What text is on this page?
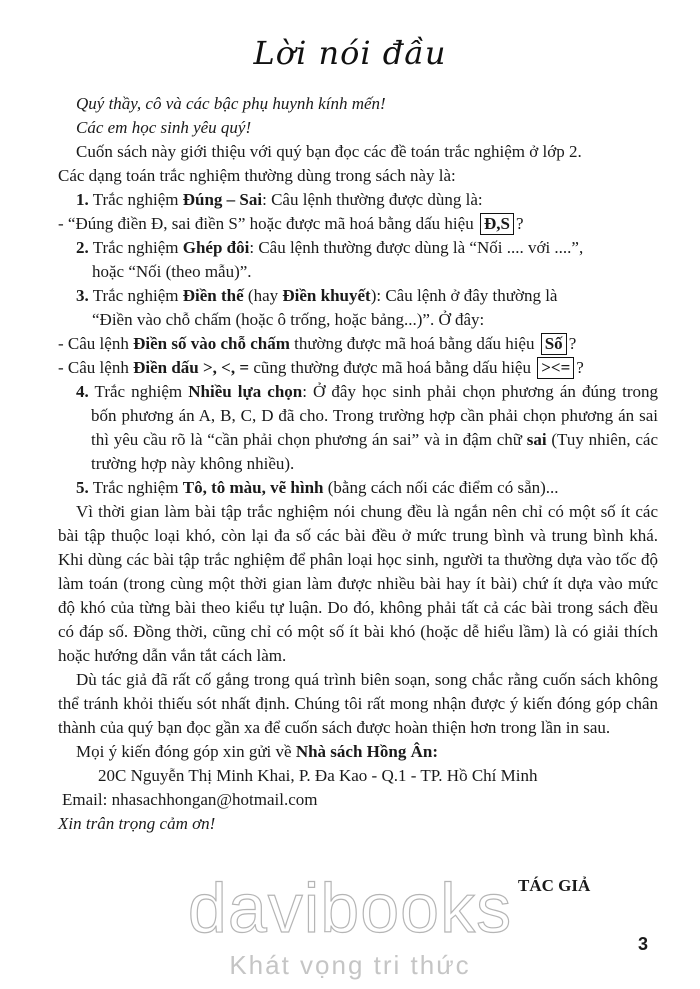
Lời nói đầu

Quý thầy, cô và các bậc phụ huynh kính mến!

Các em học sinh yêu quý!

Cuốn sách này giới thiệu với quý bạn đọc các đề toán trắc nghiệm ở lớp 2.

Các dạng toán trắc nghiệm thường dùng trong sách này là:

1. Trắc nghiệm Đúng – Sai: Câu lệnh thường được dùng là:

- “Đúng điền Đ, sai điền S” hoặc được mã hoá bằng dấu hiệu Đ,S ?

2. Trắc nghiệm Ghép đôi: Câu lệnh thường được dùng là “Nối .... với ....”,

hoặc “Nối (theo mẫu)”.

3. Trắc nghiệm Điền thế (hay Điền khuyết): Câu lệnh ở đây thường là

“Điền vào chỗ chấm (hoặc ô trống, hoặc bảng...)”. Ở đây:

- Câu lệnh Điền số vào chỗ chấm thường được mã hoá bằng dấu hiệu Số ?

- Câu lệnh Điền dấu >, <, = cũng thường được mã hoá bằng dấu hiệu ><= ?

4. Trắc nghiệm Nhiều lựa chọn: Ở đây học sinh phải chọn phương án đúng trong bốn phương án A, B, C, D đã cho. Trong trường hợp cần phải chọn phương án sai thì yêu cầu rõ là “cần phải chọn phương án sai” và in đậm chữ sai (Tuy nhiên, các trường hợp này không nhiều).

5. Trắc nghiệm Tô, tô màu, vẽ hình (bằng cách nối các điểm có sẵn)...

Vì thời gian làm bài tập trắc nghiệm nói chung đều là ngắn nên chỉ có một số ít các bài tập thuộc loại khó, còn lại đa số các bài đều ở mức trung bình và trung bình khá. Khi dùng các bài tập trắc nghiệm để phân loại học sinh, người ta thường dựa vào tốc độ làm toán (trong cùng một thời gian làm được nhiều bài hay ít bài) chứ ít dựa vào mức độ khó của từng bài theo kiểu tự luận. Do đó, không phải tất cả các bài trong sách đều có đáp số. Đồng thời, cũng chỉ có một số ít bài khó (hoặc dễ hiểu lầm) là có giải thích hoặc hướng dẫn vắn tắt cách làm.

Dù tác giả đã rất cố gắng trong quá trình biên soạn, song chắc rằng cuốn sách không thể tránh khỏi thiếu sót nhất định. Chúng tôi rất mong nhận được ý kiến đóng góp chân thành của quý bạn đọc gần xa để cuốn sách được hoàn thiện hơn trong lần in sau.

Mọi ý kiến đóng góp xin gửi về Nhà sách Hồng Ân:

20C Nguyễn Thị Minh Khai, P. Đa Kao - Q.1 - TP. Hồ Chí Minh

Email: nhasachhongan@hotmail.com

Xin trân trọng cảm ơn!

TÁC GIẢ
davibooks
Khát vọng tri thức
3
